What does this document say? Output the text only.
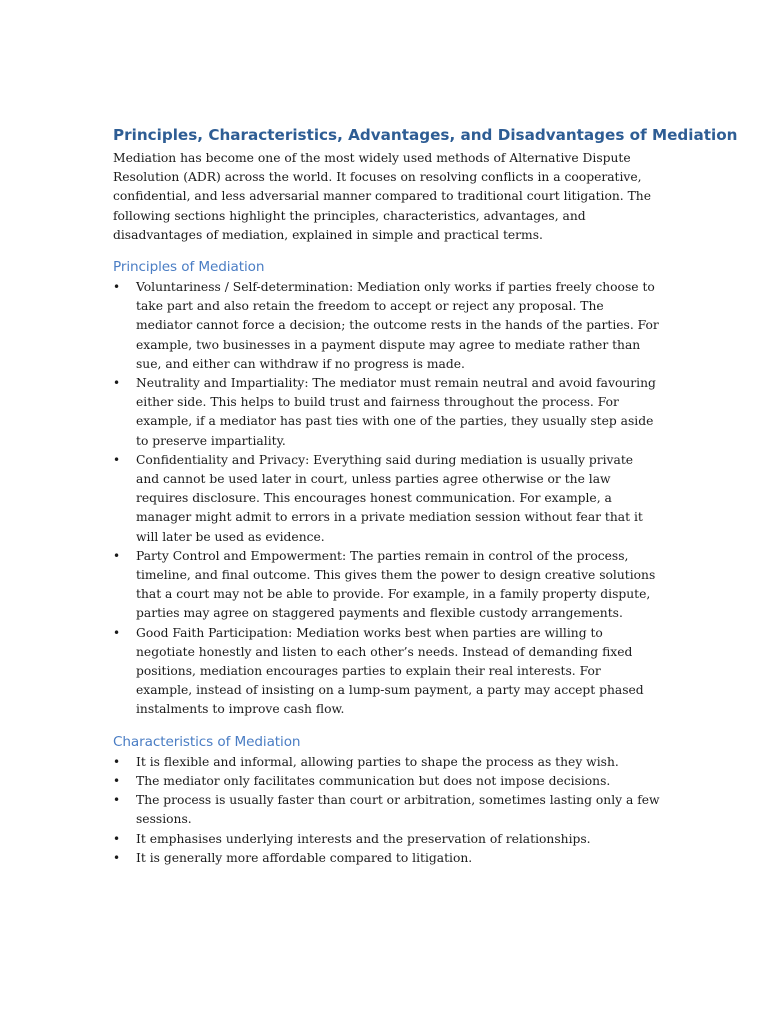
Principles, Characteristics, Advantages, and Disadvantages of Mediation

Mediation has become one of the most widely used methods of Alternative Dispute Resolution (ADR) across the world. It focuses on resolving conflicts in a cooperative, confidential, and less adversarial manner compared to traditional court litigation. The following sections highlight the principles, characteristics, advantages, and disadvantages of mediation, explained in simple and practical terms.

Principles of Mediation
• Voluntariness / Self-determination: Mediation only works if parties freely choose to take part and also retain the freedom to accept or reject any proposal. The mediator cannot force a decision; the outcome rests in the hands of the parties. For example, two businesses in a payment dispute may agree to mediate rather than sue, and either can withdraw if no progress is made.
• Neutrality and Impartiality: The mediator must remain neutral and avoid favouring either side. This helps to build trust and fairness throughout the process. For example, if a mediator has past ties with one of the parties, they usually step aside to preserve impartiality.
• Confidentiality and Privacy: Everything said during mediation is usually private and cannot be used later in court, unless parties agree otherwise or the law requires disclosure. This encourages honest communication. For example, a manager might admit to errors in a private mediation session without fear that it will later be used as evidence.
• Party Control and Empowerment: The parties remain in control of the process, timeline, and final outcome. This gives them the power to design creative solutions that a court may not be able to provide. For example, in a family property dispute, parties may agree on staggered payments and flexible custody arrangements.
• Good Faith Participation: Mediation works best when parties are willing to negotiate honestly and listen to each other’s needs. Instead of demanding fixed positions, mediation encourages parties to explain their real interests. For example, instead of insisting on a lump-sum payment, a party may accept phased instalments to improve cash flow.
Characteristics of Mediation
• It is flexible and informal, allowing parties to shape the process as they wish.
• The mediator only facilitates communication but does not impose decisions.
• The process is usually faster than court or arbitration, sometimes lasting only a few sessions.
• It emphasises underlying interests and the preservation of relationships.
• It is generally more affordable compared to litigation.
